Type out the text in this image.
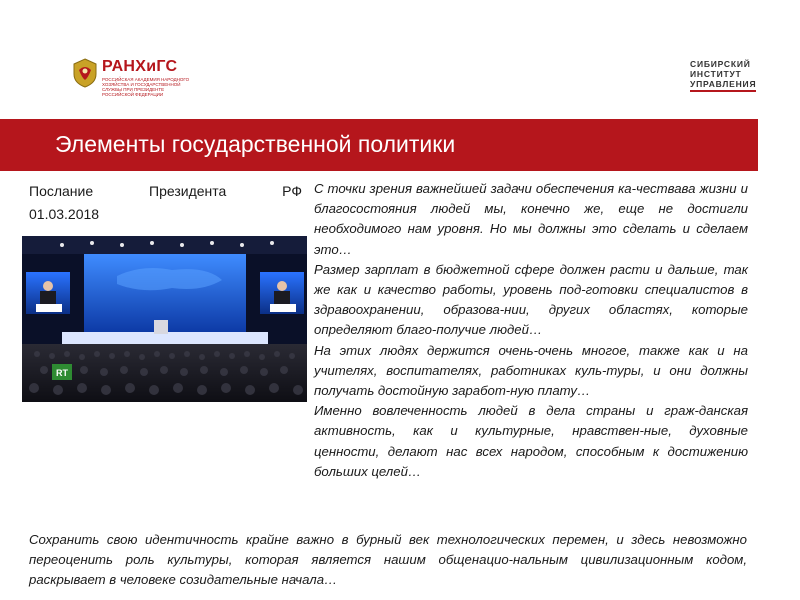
РАНХиГС
РОССИЙСКАЯ АКАДЕМИЯ НАРОДНОГО ХОЗЯЙСТВА И ГОСУДАРСТВЕННОЙ СЛУЖБЫ ПРИ ПРЕЗИДЕНТЕ РОССИЙСКОЙ ФЕДЕРАЦИИ
СИБИРСКИЙ
ИНСТИТУТ
УПРАВЛЕНИЯ
Элементы государственной политики
Послание Президента РФ
01.03.2018
RT

С точки зрения важнейшей задачи обеспечения ка-чествава жизни и благосостояния людей мы, конечно же, еще не достигли необходимого нам уровня. Но мы должны это сделать и сделаем это…

Размер зарплат в бюджетной сфере должен расти и дальше, так же как и качество работы, уровень под-готовки специалистов в здравоохранении, образова-нии, других областях, которые определяют благо-получие людей…

На этих людях держится очень-очень многое, также как и на учителях, воспитателях, работниках куль-туры, и они должны получать достойную заработ-ную плату…

Именно вовлеченность людей в дела страны и граж-данская активность, как и культурные, нравствен-ные, духовные ценности, делают нас всех народом, способным к достижению больших целей…

Сохранить свою идентичность крайне важно в бурный век технологических перемен, и здесь невозможно переоценить роль культуры, которая является нашим общенацио-нальным цивилизационным кодом, раскрывает в человеке созидательные начала…
